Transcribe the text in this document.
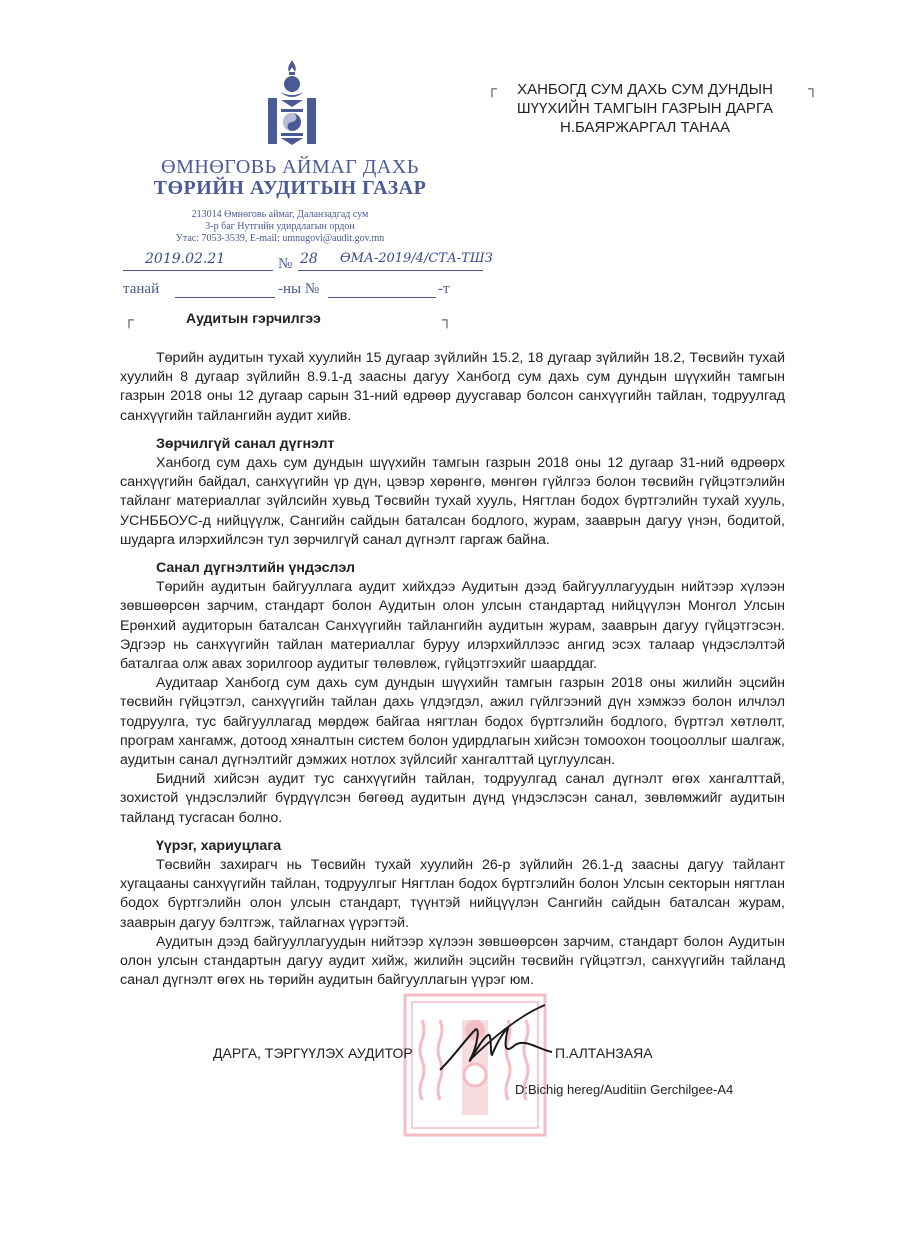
ӨМНӨГОВЬ АЙМАГ ДАХЬ
ТӨРИЙН АУДИТЫН ГАЗАР
213014 Өмнөговь аймаг, Даланзадгад сум
3-р баг Нутгийн удирдлагын ордон
Утас: 7053-3539, E-mail: umnugovi@audit.gov.mn
┌	┐
ХАНБОГД СУМ ДАХЬ СУМ ДУНДЫН
ШҮҮХИЙН ТАМГЫН ГАЗРЫН ДАРГА
Н.БАЯРЖАРГАЛ ТАНАА
2019.02.21	№ 28 ӨМА-2019/4/СТА-ТШЗ
танай	-ны №	-т
┌	Аудитын гэрчилгээ	┐

Төрийн аудитын тухай хуулийн 15 дугаар зүйлийн 15.2, 18 дугаар зүйлийн 18.2, Төсвийн тухай хуулийн 8 дугаар зүйлийн 8.9.1-д заасны дагуу Ханбогд сум дахь сум дундын шүүхийн тамгын газрын 2018 оны 12 дугаар сарын 31-ний өдрөөр дуусгавар болсон санхүүгийн тайлан, тодруулгад санхүүгийн тайлангийн аудит хийв.

Зөрчилгүй санал дүгнэлт

Ханбогд сум дахь сум дундын шүүхийн тамгын газрын 2018 оны 12 дугаар 31-ний өдрөөрх санхүүгийн байдал, санхүүгийн үр дүн, цэвэр хөрөнгө, мөнгөн гүйлгээ болон төсвийн гүйцэтгэлийн тайланг материаллаг зүйлсийн хувьд Төсвийн тухай хууль, Нягтлан бодох бүртгэлийн тухай хууль, УСНББОУС-д нийцүүлж, Сангийн сайдын баталсан бодлого, журам, зааврын дагуу үнэн, бодитой, шударга илэрхийлсэн тул зөрчилгүй санал дүгнэлт гаргаж байна.

Санал дүгнэлтийн үндэслэл

Төрийн аудитын байгууллага аудит хийхдээ Аудитын дээд байгууллагуудын нийтээр хүлээн зөвшөөрсөн зарчим, стандарт болон Аудитын олон улсын стандартад нийцүүлэн Монгол Улсын Ерөнхий аудиторын баталсан Санхүүгийн тайлангийн аудитын журам, зааврын дагуу гүйцэтгэсэн. Эдгээр нь санхүүгийн тайлан материаллаг буруу илэрхийллээс ангид эсэх талаар үндэслэлтэй баталгаа олж авах зорилгоор аудитыг төлөвлөж, гүйцэтгэхийг шаарддаг.

Аудитаар Ханбогд сум дахь сум дундын шүүхийн тамгын газрын 2018 оны жилийн эцсийн төсвийн гүйцэтгэл, санхүүгийн тайлан дахь үлдэгдэл, ажил гүйлгээний дүн хэмжээ болон илчлэл тодруулга, тус байгууллагад мөрдөж байгаа нягтлан бодох бүртгэлийн бодлого, бүртгэл хөтлөлт, програм хангамж, дотоод хяналтын систем болон удирдлагын хийсэн томоохон тооцооллыг шалгаж, аудитын санал дүгнэлтийг дэмжих нотлох зүйлсийг хангалттай цуглуулсан.

Бидний хийсэн аудит тус санхүүгийн тайлан, тодруулгад санал дүгнэлт өгөх хангалттай, зохистой үндэслэлийг бүрдүүлсэн бөгөөд аудитын дүнд үндэслэсэн санал, зөвлөмжийг аудитын тайланд тусгасан болно.

Үүрэг, хариуцлага

Төсвийн захирагч нь Төсвийн тухай хуулийн 26-р зүйлийн 26.1-д заасны дагуу тайлант хугацааны санхүүгийн тайлан, тодруулгыг Нягтлан бодох бүртгэлийн болон Улсын секторын нягтлан бодох бүртгэлийн олон улсын стандарт, түүнтэй нийцүүлэн Сангийн сайдын баталсан журам, зааврын дагуу бэлтгэж, тайлагнах үүрэгтэй.

Аудитын дээд байгууллагуудын нийтээр хүлээн зөвшөөрсөн зарчим, стандарт болон Аудитын олон улсын стандартын дагуу аудит хийж, жилийн эцсийн төсвийн гүйцэтгэл, санхүүгийн тайланд санал дүгнэлт өгөх нь төрийн аудитын байгууллагын үүрэг юм.

ДАРГА, ТЭРГҮҮЛЭХ АУДИТОР	П.АЛТАНЗАЯА
D:Bichig hereg/Auditiin Gerchilgee-A4
